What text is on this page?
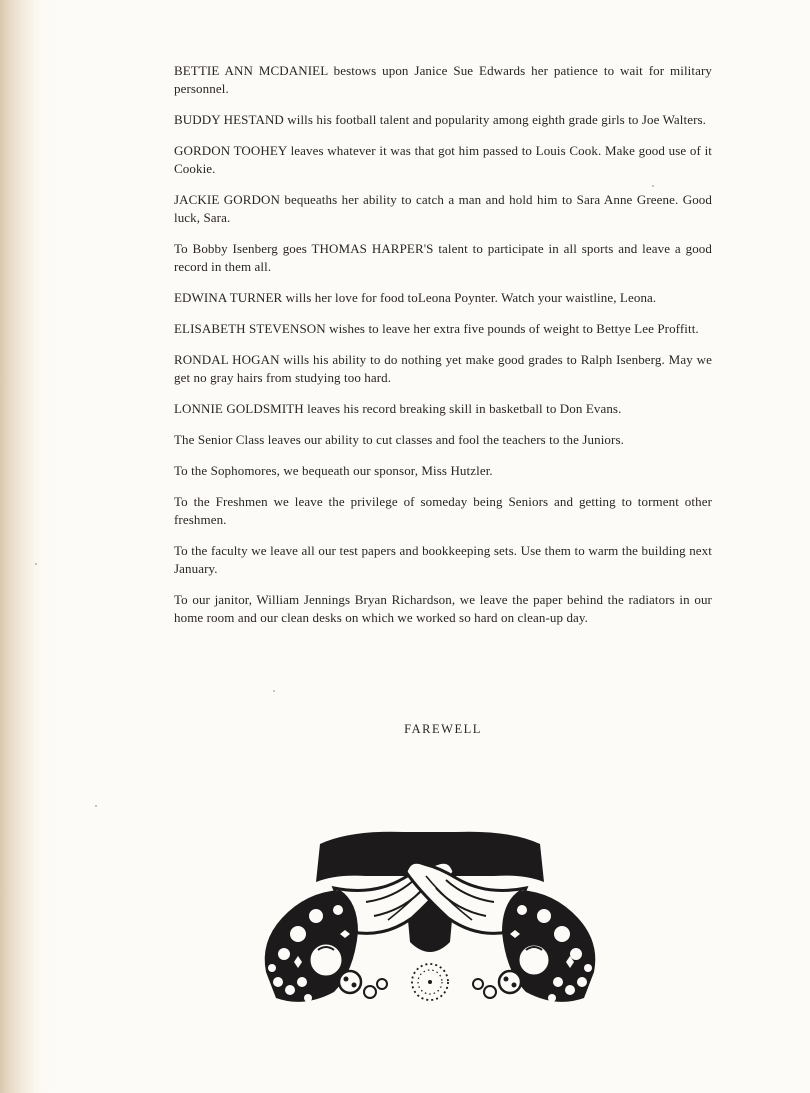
BETTIE ANN MCDANIEL bestows upon Janice Sue Edwards her patience to wait for military personnel.

BUDDY HESTAND wills his football talent and popularity among eighth grade girls to Joe Walters.

GORDON TOOHEY leaves whatever it was that got him passed to Louis Cook. Make good use of it Cookie.

JACKIE GORDON bequeaths her ability to catch a man and hold him to Sara Anne Greene. Good luck, Sara.

To Bobby Isenberg goes THOMAS HARPER'S talent to participate in all sports and leave a good record in them all.

EDWINA TURNER wills her love for food toLeona Poynter. Watch your waistline, Leona.

ELISABETH STEVENSON wishes to leave her extra five pounds of weight to Bettye Lee Proffitt.

RONDAL HOGAN wills his ability to do nothing yet make good grades to Ralph Isenberg. May we get no gray hairs from studying too hard.

LONNIE GOLDSMITH leaves his record breaking skill in basketball to Don Evans.

The Senior Class leaves our ability to cut classes and fool the teachers to the Juniors.

To the Sophomores, we bequeath our sponsor, Miss Hutzler.

To the Freshmen we leave the privilege of someday being Seniors and getting to torment other freshmen.

To the faculty we leave all our test papers and bookkeeping sets. Use them to warm the building next January.

To our janitor, William Jennings Bryan Richardson, we leave the paper behind the radiators in our home room and our clean desks on which we worked so hard on clean-up day.

FAREWELL
